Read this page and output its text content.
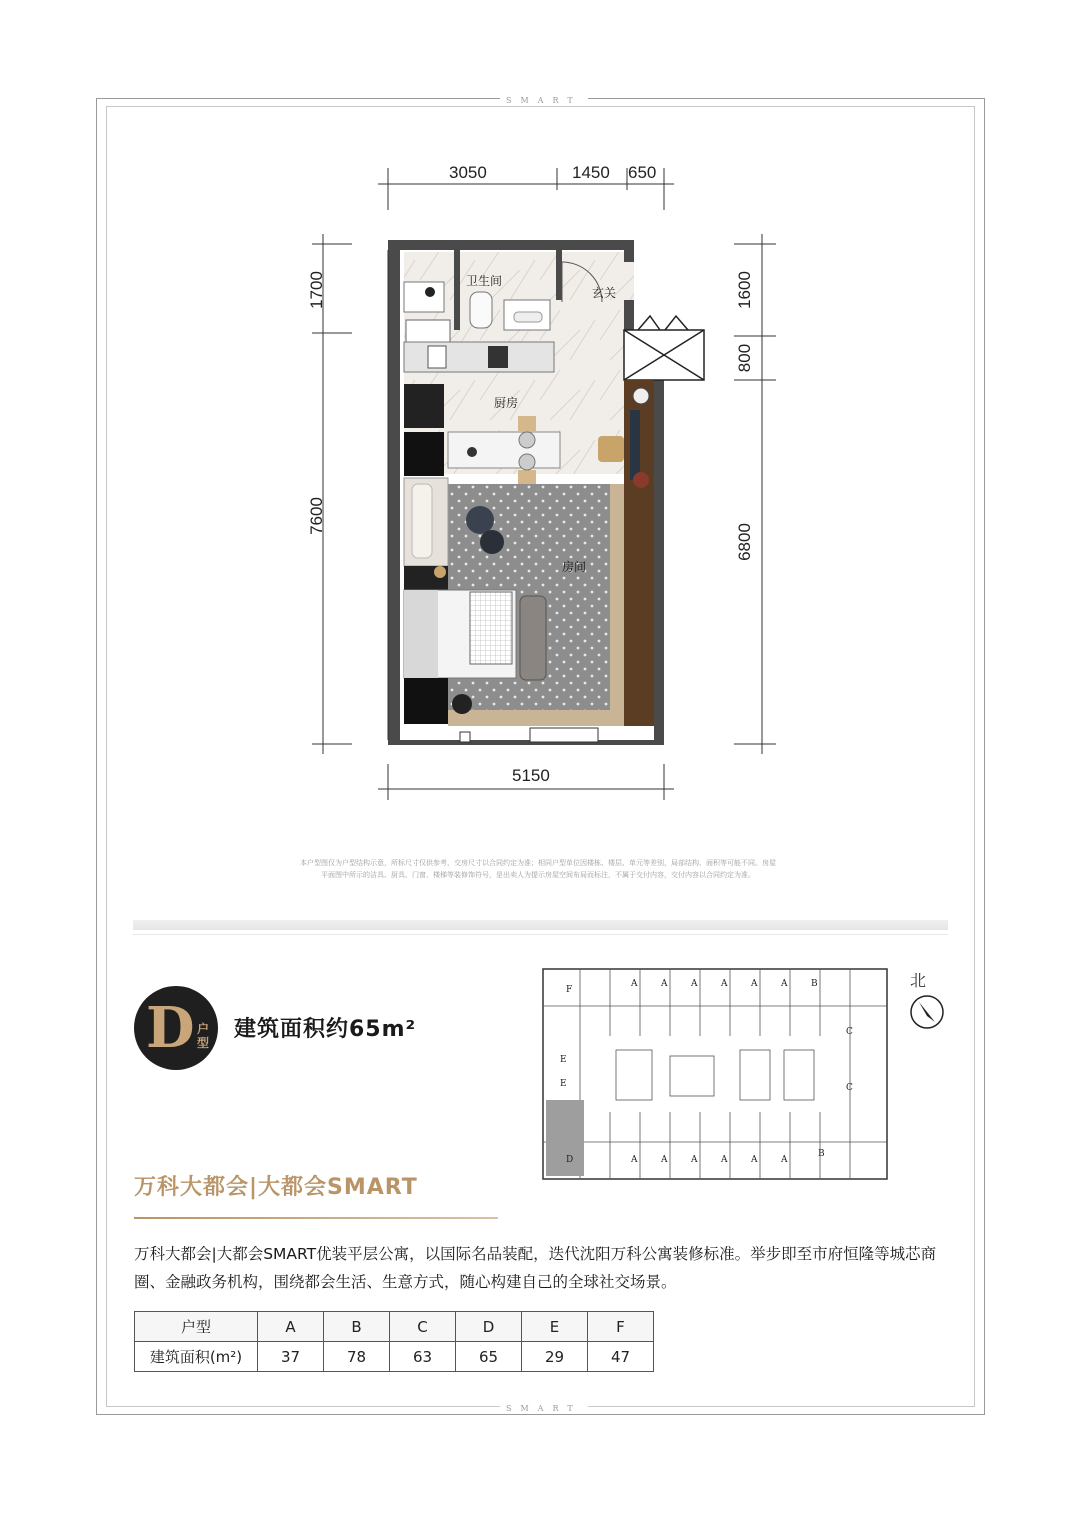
SMART
SMART
3050	1450 650
5150
1700
7600
1600
800
6800
卫生间
玄关
厨房
房间
本户型图仅为户型结构示意，所标尺寸仅供参考，交房尺寸以合同约定为准；相同户型单位因楼栋、楼层、单元等差别，局部结构、面积等可能不同。房屋
平面图中所示的洁具、厨具、门窗、楼梯等装修饰符号，是出卖人为提示房屋空间布局而标注，不属于交付内容，交付内容以合同约定为准。
D 户型
建筑面积约65m²
F
A	A	A	A	A	A	B
C
C
E
E
D	A	A	A	A	A	A
B
北
万科大都会|大都会SMART
万科大都会|大都会SMART优装平层公寓，以国际名品装配，迭代沈阳万科公寓装修标准。举步即至市府恒隆等城芯商圈、金融政务机构，围绕都会生活、生意方式，随心构建自己的全球社交场景。
户型	A	B	C	D	E	F
建筑面积(m²)	37	78	63	65	29	47
